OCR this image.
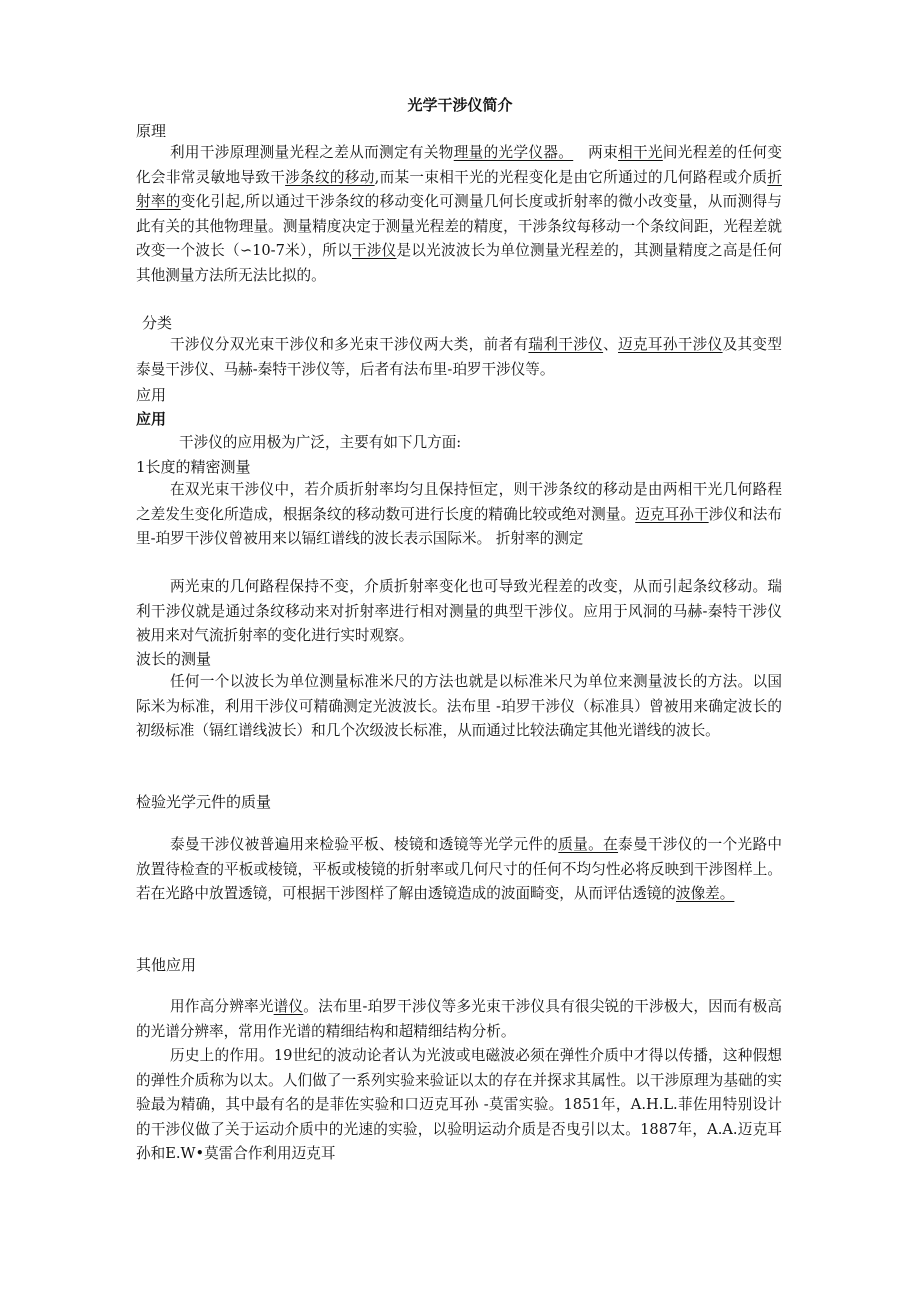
光学干涉仪简介
原理
利用干涉原理测量光程之差从而测定有关物理量的光学仪器。 两束相干光间光程差的任何变化会非常灵敏地导致干涉条纹的移动,而某一束相干光的光程变化是由它所通过的几何路程或介质折射率的变化引起,所以通过干涉条纹的移动变化可测量几何长度或折射率的微小改变量，从而测得与此有关的其他物理量。测量精度决定于测量光程差的精度，干涉条纹每移动一个条纹间距，光程差就改变一个波长（∽10-7米），所以干涉仪是以光波波长为单位测量光程差的，其测量精度之高是任何其他测量方法所无法比拟的。
分类
干涉仪分双光束干涉仪和多光束干涉仪两大类，前者有瑞利干涉仪、迈克耳孙干涉仪及其变型泰曼干涉仪、马赫-秦特干涉仪等，后者有法布里-珀罗干涉仪等。
应用
应用
干涉仪的应用极为广泛，主要有如下几方面:
1长度的精密测量
在双光束干涉仪中，若介质折射率均匀且保持恒定，则干涉条纹的移动是由两相干光几何路程之差发生变化所造成，根据条纹的移动数可进行长度的精确比较或绝对测量。迈克耳孙干涉仪和法布里-珀罗干涉仪曾被用来以镉红谱线的波长表示国际米。 折射率的测定
两光束的几何路程保持不变，介质折射率变化也可导致光程差的改变，从而引起条纹移动。瑞利干涉仪就是通过条纹移动来对折射率进行相对测量的典型干涉仪。应用于风洞的马赫-秦特干涉仪被用来对气流折射率的变化进行实时观察。
波长的测量
任何一个以波长为单位测量标准米尺的方法也就是以标准米尺为单位来测量波长的方法。以国际米为标准，利用干涉仪可精确测定光波波长。法布里 -珀罗干涉仪（标准具）曾被用来确定波长的初级标准（镉红谱线波长）和几个次级波长标准，从而通过比较法确定其他光谱线的波长。
检验光学元件的质量
泰曼干涉仪被普遍用来检验平板、棱镜和透镜等光学元件的质量。在泰曼干涉仪的一个光路中放置待检查的平板或棱镜，平板或棱镜的折射率或几何尺寸的任何不均匀性必将反映到干涉图样上。若在光路中放置透镜，可根据干涉图样了解由透镜造成的波面畸变，从而评估透镜的波像差。
其他应用
用作高分辨率光谱仪。法布里-珀罗干涉仪等多光束干涉仪具有很尖锐的干涉极大，因而有极高的光谱分辨率，常用作光谱的精细结构和超精细结构分析。
历史上的作用。19世纪的波动论者认为光波或电磁波必须在弹性介质中才得以传播，这种假想的弹性介质称为以太。人们做了一系列实验来验证以太的存在并探求其属性。以干涉原理为基础的实验最为精确，其中最有名的是菲佐实验和口迈克耳孙 -莫雷实验。1851年，A.H.L.菲佐用特别设计的干涉仪做了关于运动介质中的光速的实验，以验明运动介质是否曳引以太。1887年，A.A.迈克耳孙和E.W•莫雷合作利用迈克耳
